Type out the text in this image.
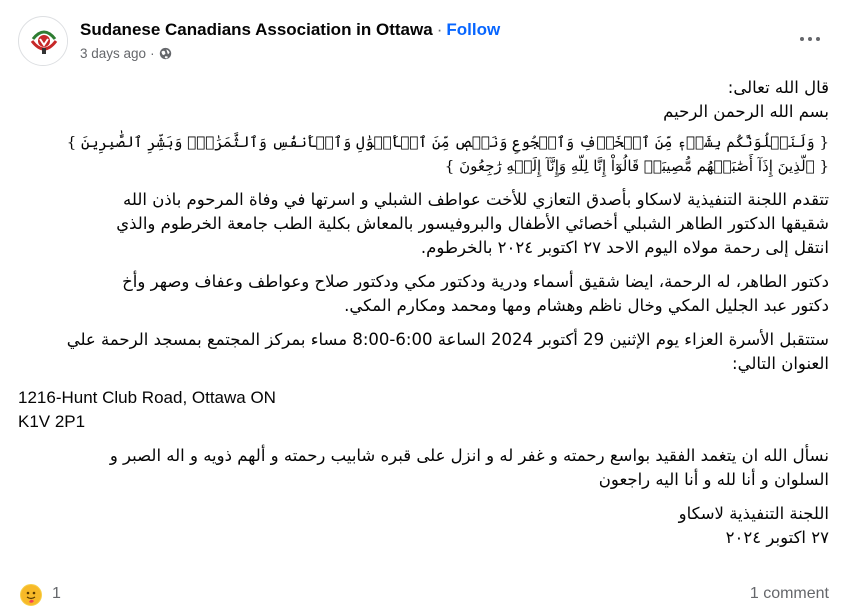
Sudanese Canadians Association in Ottawa · Follow
3 days ago ·
قال الله تعالى:
بسم الله الرحمن الرحيم
{ وَلَنَبۡلُوَنَّكُم بِشَيۡءٖ مِّنَ ٱلۡخَوۡفِ وَٱلۡجُوعِ وَنَقۡصٖ مِّنَ ٱلۡأَمۡوَٰلِ وَٱلۡأَنفُسِ وَٱلثَّمَرَٰتِۗ وَبَشِّرِ ٱلصَّٰبِرِينَ }
{ ٱلَّذِينَ إِذَآ أَصَٰبَتۡهُم مُّصِيبَةٞ قَالُوٓاْ إِنَّا لِلَّهِ وَإِنَّآ إِلَيۡهِ رَٰجِعُونَ }
تتقدم اللجنة التنفيذية لاسكاو بأصدق التعازي للأخت عواطف الشبلي و اسرتها في وفاة المرحوم باذن الله
شقيقها الدكتور الطاهر الشبلي أخصائي الأطفال والبروفيسور بالمعاش بكلية الطب جامعة الخرطوم والذي
انتقل إلى رحمة مولاه اليوم الاحد ٢٧ اكتوبر ٢٠٢٤ بالخرطوم.
دكتور الطاهر، له الرحمة، ايضا شقيق أسماء ودرية ودكتور مكي ودكتور صلاح وعواطف وعفاف وصهر وأخ
دكتور عبد الجليل المكي وخال ناظم وهشام ومها ومحمد ومكارم المكي.
ستتقبل الأسرة العزاء يوم الإثنين 29 أكتوبر 2024 الساعة 6:00-8:00 مساء بمركز المجتمع بمسجد الرحمة علي
العنوان التالي:
1216-Hunt Club Road, Ottawa ON
K1V 2P1
نسأل الله ان يتغمد الفقيد بواسع رحمته و غفر له و انزل على قبره شابيب رحمته و ألهم ذويه و اله الصبر و
السلوان و أنا لله و أنا اليه راجعون
اللجنة التنفيذية لاسكاو
٢٧ اكتوبر ٢٠٢٤
1	1 comment
